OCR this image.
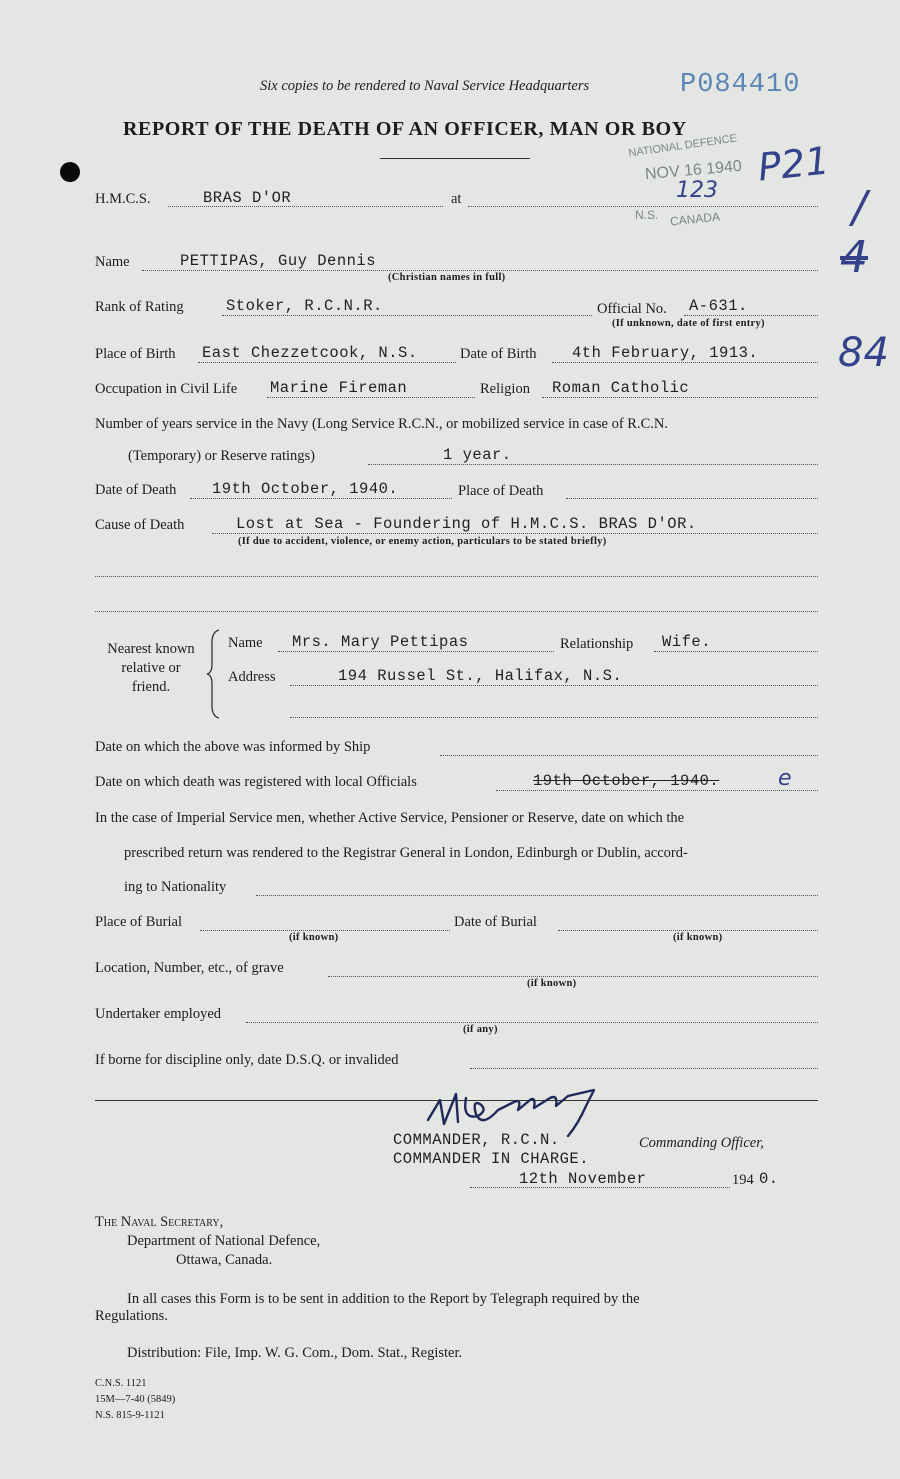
Six copies to be rendered to Naval Service Headquarters	P084410
REPORT OF THE DEATH OF AN OFFICER, MAN OR BOY
NATIONAL DEFENCE
NOV 16 1940
123
N.S. CANADA
P21
/
4
84
H.M.C.S.	BRAS D'OR	at
Name	PETTIPAS, Guy Dennis
(Christian names in full)
Rank of Rating	Stoker, R.C.N.R.	Official No. A-631.
(If unknown, date of first entry)
Place of Birth East Chezzetcook, N.S.	Date of Birth 4th February, 1913.
Occupation in Civil Life Marine Fireman	Religion Roman Catholic
Number of years service in the Navy (Long Service R.C.N., or mobilized service in case of R.C.N.
(Temporary) or Reserve ratings)	1 year.
Date of Death 19th October, 1940.	Place of Death
Cause of Death	Lost at Sea - Foundering of H.M.C.S. BRAS D'OR.
(If due to accident, violence, or enemy action, particulars to be stated briefly)
Nearest known
relative or
friend.
Name Mrs. Mary Pettipas	Relationship Wife.
Address	194 Russel St., Halifax, N.S.
Date on which the above was informed by Ship
Date on which death was registered with local Officials	19th October, 1940.	e
In the case of Imperial Service men, whether Active Service, Pensioner or Reserve, date on which the
prescribed return was rendered to the Registrar General in London, Edinburgh or Dublin, accord-
ing to Nationality
Place of Burial
(if known)
Date of Burial
(if known)
Location, Number, etc., of grave
(if known)
Undertaker employed
(if any)
If borne for discipline only, date D.S.Q. or invalided
COMMANDER, R.C.N.	Commanding Officer,
COMMANDER IN CHARGE.
12th November	194 0.
The Naval Secretary,
Department of National Defence,
Ottawa, Canada.
In all cases this Form is to be sent in addition to the Report by Telegraph required by the
Regulations.
Distribution: File, Imp. W. G. Com., Dom. Stat., Register.
C.N.S. 1121
15M—7-40 (5849)
N.S. 815-9-1121
